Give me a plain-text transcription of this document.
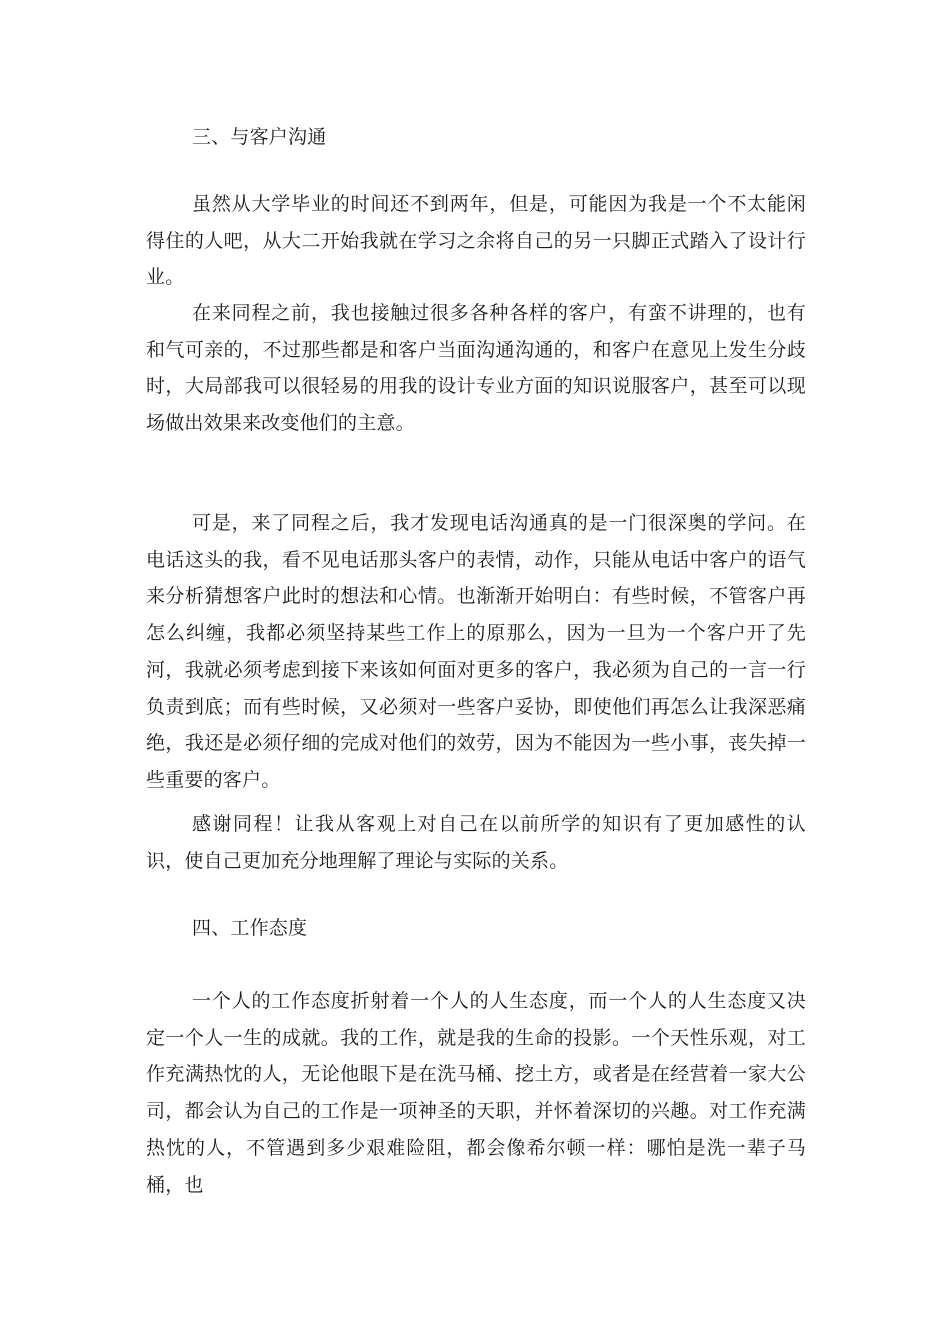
三、与客户沟通

虽然从大学毕业的时间还不到两年，但是，可能因为我是一个不太能闲得住的人吧，从大二开始我就在学习之余将自己的另一只脚正式踏入了设计行业。

在来同程之前，我也接触过很多各种各样的客户，有蛮不讲理的，也有和气可亲的，不过那些都是和客户当面沟通沟通的，和客户在意见上发生分歧时，大局部我可以很轻易的用我的设计专业方面的知识说服客户，甚至可以现场做出效果来改变他们的主意。

可是，来了同程之后，我才发现电话沟通真的是一门很深奥的学问。在电话这头的我，看不见电话那头客户的表情，动作，只能从电话中客户的语气来分析猜想客户此时的想法和心情。也渐渐开始明白：有些时候，不管客户再怎么纠缠，我都必须坚持某些工作上的原那么，因为一旦为一个客户开了先河，我就必须考虑到接下来该如何面对更多的客户，我必须为自己的一言一行负责到底；而有些时候，又必须对一些客户妥协，即使他们再怎么让我深恶痛绝，我还是必须仔细的完成对他们的效劳，因为不能因为一些小事，丧失掉一些重要的客户。

感谢同程！让我从客观上对自己在以前所学的知识有了更加感性的认识，使自己更加充分地理解了理论与实际的关系。

四、工作态度

一个人的工作态度折射着一个人的人生态度，而一个人的人生态度又决定一个人一生的成就。我的工作，就是我的生命的投影。一个天性乐观，对工作充满热忱的人，无论他眼下是在洗马桶、挖土方，或者是在经营着一家大公司，都会认为自己的工作是一项神圣的天职，并怀着深切的兴趣。对工作充满热忱的人，不管遇到多少艰难险阻，都会像希尔顿一样：哪怕是洗一辈子马桶，也
